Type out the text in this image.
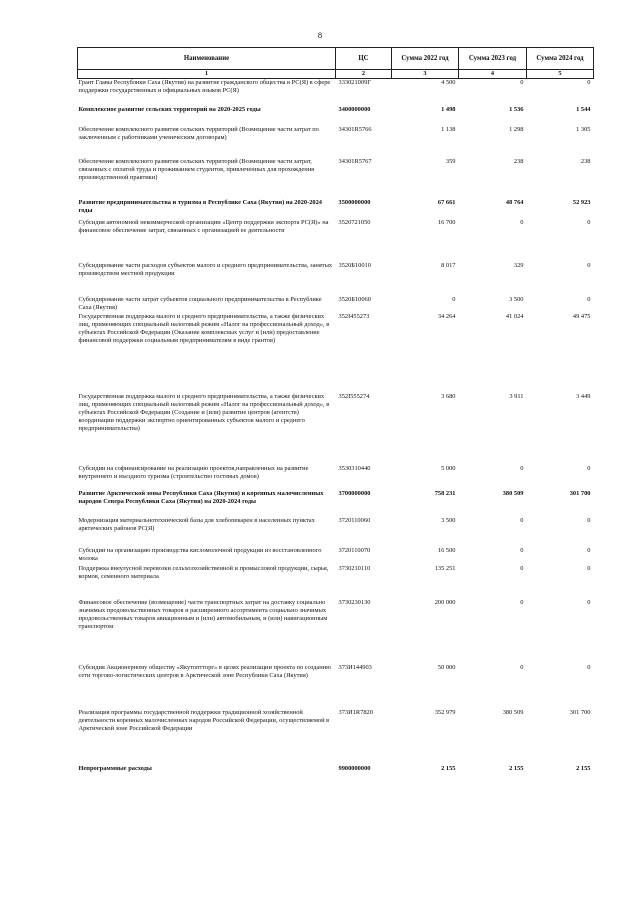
8
Наименование	ЦС	Сумма 2022 год	Сумма 2023 год	Сумма 2024 год
1	2	3	4	5
Грант Главы Республики Саха (Якутия) на развитие гражданского общества в РС(Я) в сфере поддержки государственных и официальных языков РС(Я)	333021009Г	4 500	0	0
Комплексное развитие сельских территорий на 2020-2025 годы	3400000000	1 498	1 536	1 544
Обеспечение комплексного развития сельских территорий (Возмещение части затрат по заключенным с работниками ученическим договорам)	34301R5766	1 138	1 298	1 305
Обеспечение комплексного развития сельских территорий (Возмещение части затрат, связанных с оплатой труда и проживанием студентов, привлеченных для прохождения производственной практики)	34301R5767	359	238	238
Развитие предпринимательства и туризма в Республике Саха (Якутия) на 2020-2024 годы	3500000000	67 661	48 764	52 923
Субсидия автономной некоммерческой организации «Центр поддержки экспорта РС(Я)» на финансовое обеспечение затрат, связанных с организацией ее деятельности	3520721050	16 700	0	0
Субсидирование части расходов субъектов малого и среднего предпринимательства, занятых производством местной продукции	3520Б10010	8 017	329	0
Субсидирование части затрат субъектов социального предпринимательства в Республике Саха (Якутия)	3520Б10060	0	3 500	0
Государственная поддержка малого и среднего предпринимательства, а также физических лиц, применяющих специальный налоговый режим «Налог на профессиональный доход», в субъектах Российской Федерации (Оказание комплексных услуг и (или) предоставление финансовой поддержки социальным предпринимателям в виде грантов)	352I455273	34 264	41 024	49 475
Государственная поддержка малого и среднего предпринимательства, а также физических лиц, применяющих специальный налоговый режим «Налог на профессиональный доход», в субъектах Российской Федерации (Создание и (или) развитие центров (агентств) координации поддержки экспортно ориентированных субъектов малого и среднего предпринимательства)	352I555274	3 680	3 911	3 449
Субсидии на софинансирование на реализацию проектов,направленных на развитие внутреннего и въездного туризма (строительство гостевых домов)	3530310440	5 000	0	0
Развитие Арктической зоны Республики Саха (Якутия) и коренных малочисленных народов Севера Республики Саха (Якутия) на 2020-2024 годы	3700000000	758 231	380 509	301 700
Модернизация материальнотехнической базы для хлебопекарен в населенных пунктах арктических районов РС(Я)	3720110060	3 500	0	0
Субсидии на организацию производства кисломолочной продукции из восстановленного молока	3720110070	16 500	0	0
Поддержка внеулусной перевозки сельхозхозяйственной и промысловой продукции, сырья, кормов, семенного материала	3730210110	135 251	0	0
Финансовое обеспечение (возмещение) части транспортных затрат на доставку социально значимых продовольственных товаров и расширенного ассортимента социально значимых продовольственных товаров авиационным и (или) автомобильным, и (или) навигационным транспортом	3730230130	200 000	0	0
Субсидия Акционерному обществу «Якутоптторг» в целях реализации проекта по созданию сети торгово-логистических центров в Арктической зоне Республики Саха (Якутия)	373И144903	50 000	0	0
Реализация программы государственной поддержки традиционной хозяйственной деятельности коренных малочисленных народов Российской Федерации, осуществляемой в Арктической зоне Российской Федерации	373И1R7820	352 979	380 509	301 700
Непрограммные расходы	9900000000	2 155	2 155	2 155
